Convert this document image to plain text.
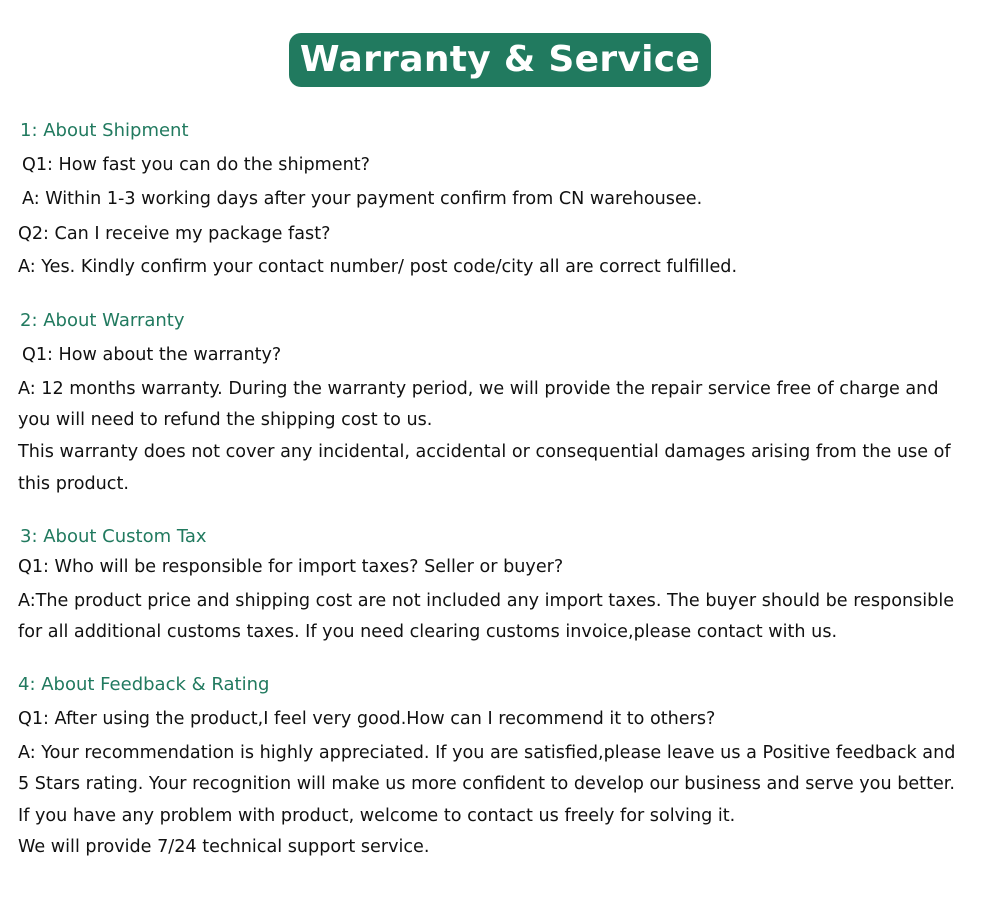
Warranty & Service
1: About Shipment
Q1: How fast you can do the shipment?
A: Within 1-3 working days after your payment confirm from CN warehousee.
Q2: Can I receive my package fast?
A: Yes. Kindly confirm your contact number/ post code/city all are correct fulfilled.
2: About Warranty
Q1: How about the warranty?
A: 12 months warranty. During the warranty period, we will provide the repair service free of charge and
you will need to refund the shipping cost to us.
This warranty does not cover any incidental, accidental or consequential damages arising from the use of
this product.
3: About Custom Tax
Q1: Who will be responsible for import taxes? Seller or buyer?
A:The product price and shipping cost are not included any import taxes. The buyer should be responsible
for all additional customs taxes. If you need clearing customs invoice,please contact with us.
4: About Feedback & Rating
Q1: After using the product,I feel very good.How can I recommend it to others?
A: Your recommendation is highly appreciated. If you are satisfied,please leave us a Positive feedback and
5 Stars rating. Your recognition will make us more confident to develop our business and serve you better.
If you have any problem with product, welcome to contact us freely for solving it.
We will provide 7/24 technical support service.
